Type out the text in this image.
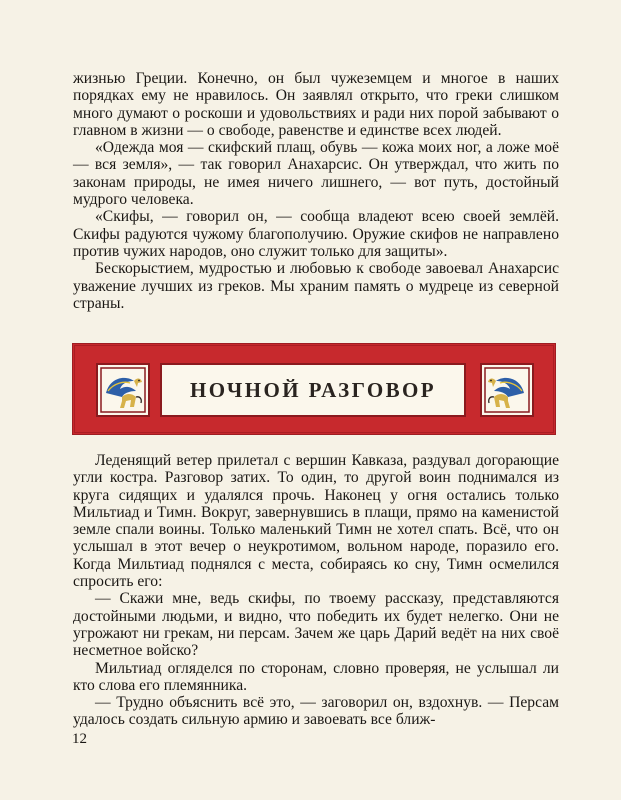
жизнью Греции. Конечно, он был чужеземцем и многое в наших порядках ему не нравилось. Он заявлял открыто, что греки слишком много думают о роскоши и удовольствиях и ради них порой забывают о главном в жизни — о свободе, равенстве и единстве всех людей.

«Одежда моя — скифский плащ, обувь — кожа моих ног, а ложе моё — вся земля», — так говорил Анахарсис. Он утверждал, что жить по законам природы, не имея ничего лишнего, — вот путь, достойный мудрого человека.

«Скифы, — говорил он, — сообща владеют всею своей землёй. Скифы радуются чужому благополучию. Оружие скифов не направлено против чужих народов, оно служит только для защиты».

Бескорыстием, мудростью и любовью к свободе завоевал Анахарсис уважение лучших из греков. Мы храним память о мудреце из северной страны.

НОЧНОЙ РАЗГОВОР

Леденящий ветер прилетал с вершин Кавказа, раздувал догорающие угли костра. Разговор затих. То один, то другой воин поднимался из круга сидящих и удалялся прочь. Наконец у огня остались только Мильтиад и Тимн. Вокруг, завернувшись в плащи, прямо на каменистой земле спали воины. Только маленький Тимн не хотел спать. Всё, что он услышал в этот вечер о неукротимом, вольном народе, поразило его. Когда Мильтиад поднялся с места, собираясь ко сну, Тимн осмелился спросить его:

— Скажи мне, ведь скифы, по твоему рассказу, представляются достойными людьми, и видно, что победить их будет нелегко. Они не угрожают ни грекам, ни персам. Зачем же царь Дарий ведёт на них своё несметное войско?

Мильтиад огляделся по сторонам, словно проверяя, не услышал ли кто слова его племянника.

— Трудно объяснить всё это, — заговорил он, вздохнув. — Персам удалось создать сильную армию и завоевать все ближ-

12
